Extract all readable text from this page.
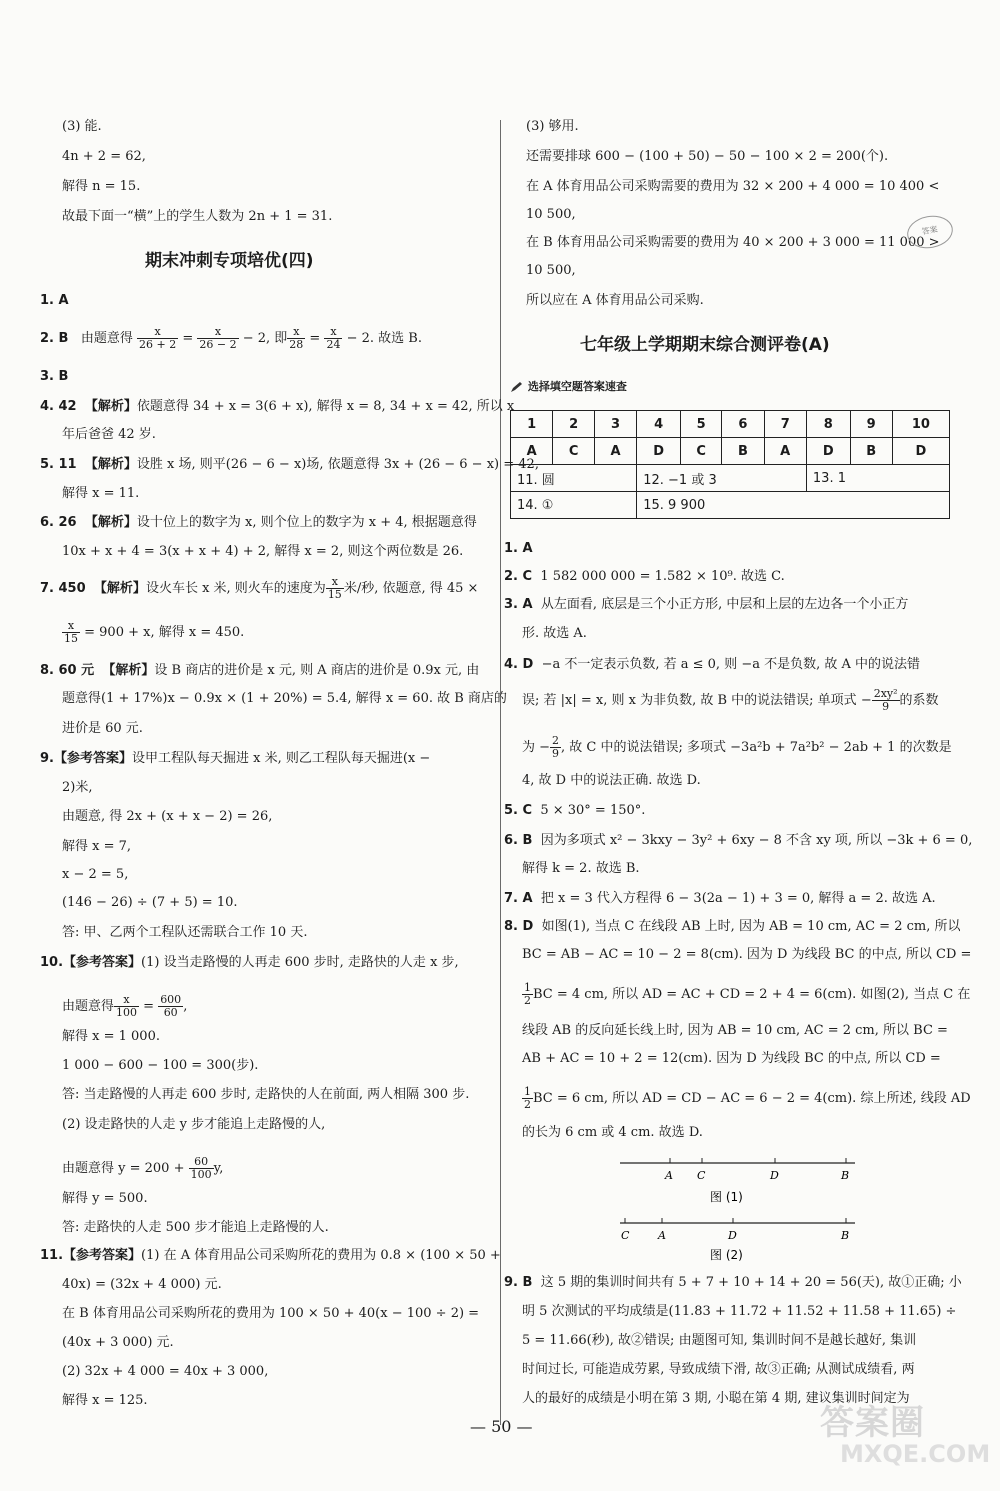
(3) 能.
4n + 2 = 62,
解得 n = 15.
故最下面一“横”上的学生人数为 2n + 1 = 31.
期末冲刺专项培优(四)
1. A
2. B 由题意得 $\frac{x}{26 + 2} = \frac{x}{26 - 2} - 2$, 即 $\frac{x}{28} = \frac{x}{24} - 2$. 故选 B.
3. B
4. 42 【解析】依题意得 34 + x = 3(6 + x), 解得 x = 8, 34 + x = 42, 所以 x
年后爸爸 42 岁.
5. 11 【解析】设胜 x 场, 则平(26 − 6 − x)场, 依题意得 3x + (26 − 6 − x) = 42,
解得 x = 11.
6. 26 【解析】设十位上的数字为 x, 则个位上的数字为 x + 4, 根据题意得
10x + x + 4 = 3(x + x + 4) + 2, 解得 x = 2, 则这个两位数是 26.
7. 450 【解析】设火车长 x 米, 则火车的速度为 $\frac{x}{15}$ 米/秒, 依题意, 得 45 ×
$\frac{x}{15} = 900 + x$, 解得 x = 450.
8. 60 元 【解析】设 B 商店的进价是 x 元, 则 A 商店的进价是 0.9x 元, 由
题意得(1 + 17%)x − 0.9x × (1 + 20%) = 5.4, 解得 x = 60. 故 B 商店的
进价是 60 元.
9.【参考答案】设甲工程队每天掘进 x 米, 则乙工程队每天掘进(x −
2)米,
由题意, 得 2x + (x + x − 2) = 26,
解得 x = 7,
x − 2 = 5,
(146 − 26) ÷ (7 + 5) = 10.
答: 甲、乙两个工程队还需联合工作 10 天.
10.【参考答案】(1) 设当走路慢的人再走 600 步时, 走路快的人走 x 步,
由题意得 $\frac{x}{100} = \frac{600}{60}$ ,
解得 x = 1 000.
1 000 − 600 − 100 = 300(步).
答: 当走路慢的人再走 600 步时, 走路快的人在前面, 两人相隔 300 步.
(2) 设走路快的人走 y 步才能追上走路慢的人,
由题意得 $y = 200 + \frac{60}{100} y$,
解得 y = 500.
答: 走路快的人走 500 步才能追上走路慢的人.
11.【参考答案】(1) 在 A 体育用品公司采购所花的费用为 0.8 × (100 × 50 +
40x) = (32x + 4 000) 元.
在 B 体育用品公司采购所花的费用为 100 × 50 + 40(x − 100 ÷ 2) =
(40x + 3 000) 元.
(2) 32x + 4 000 = 40x + 3 000,
解得 x = 125.
(3) 够用.
还需要排球 600 − (100 + 50) − 50 − 100 × 2 = 200(个).
在 A 体育用品公司采购需要的费用为 32 × 200 + 4 000 = 10 400 <
10 500,
在 B 体育用品公司采购需要的费用为 40 × 200 + 3 000 = 11 000 >
10 500,
所以应在 A 体育用品公司采购.
七年级上学期期末综合测评卷(A)
选择填空题答案速查
1	2	3	4	5	6	7	8	9	10
A	C	A	D	C	B	A	D	B	D
11. 圆			12. −1 或 3				13. 1		
14. ①			15. 9 900						
1. A
2. C 1 582 000 000 = 1.582 × 10⁹. 故选 C.
3. A 从左面看, 底层是三个小正方形, 中层和上层的左边各一个小正方
形. 故选 A.
4. D −a 不一定表示负数, 若 a ≤ 0, 则 −a 不是负数, 故 A 中的说法错
误; 若 |x| = x, 则 x 为非负数, 故 B 中的说法错误; 单项式 − $\frac{\text{2xy²}}{9}$ 的系数
为 − $\frac{2}{9}$ , 故 C 中的说法错误; 多项式 −3a²b + 7a²b² − 2ab + 1 的次数是
4, 故 D 中的说法正确. 故选 D.
5. C 5 × 30° = 150°.
6. B 因为多项式 x² − 3kxy − 3y² + 6xy − 8 不含 xy 项, 所以 −3k + 6 = 0,
解得 k = 2. 故选 B.
7. A 把 x = 3 代入方程得 6 − 3(2a − 1) + 3 = 0, 解得 a = 2. 故选 A.
8. D 如图(1), 当点 C 在线段 AB 上时, 因为 AB = 10 cm, AC = 2 cm, 所以
BC = AB − AC = 10 − 2 = 8(cm). 因为 D 为线段 BC 的中点, 所以 CD =
$\frac{1}{2}$ BC = 4 cm, 所以 AD = AC + CD = 2 + 4 = 6(cm). 如图(2), 当点 C 在
线段 AB 的反向延长线上时, 因为 AB = 10 cm, AC = 2 cm, 所以 BC =
AB + AC = 10 + 2 = 12(cm). 因为 D 为线段 BC 的中点, 所以 CD =
$\frac{1}{2}$ BC = 6 cm, 所以 AD = CD − AC = 6 − 2 = 4(cm). 综上所述, 线段 AD
的长为 6 cm 或 4 cm. 故选 D.
A C	D	B
图 (1)
C	A	D	B
图 (2)
9. B 这 5 期的集训时间共有 5 + 7 + 10 + 14 + 20 = 56(天), 故①正确; 小
明 5 次测试的平均成绩是(11.83 + 11.72 + 11.52 + 11.58 + 11.65) ÷
5 = 11.66(秒), 故②错误; 由题图可知, 集训时间不是越长越好, 集训
时间过长, 可能造成劳累, 导致成绩下滑, 故③正确; 从测试成绩看, 两
人的最好的成绩是小明在第 3 期, 小聪在第 4 期, 建议集训时间定为
答案
— 50 —	答案圈
MXQE.COM
